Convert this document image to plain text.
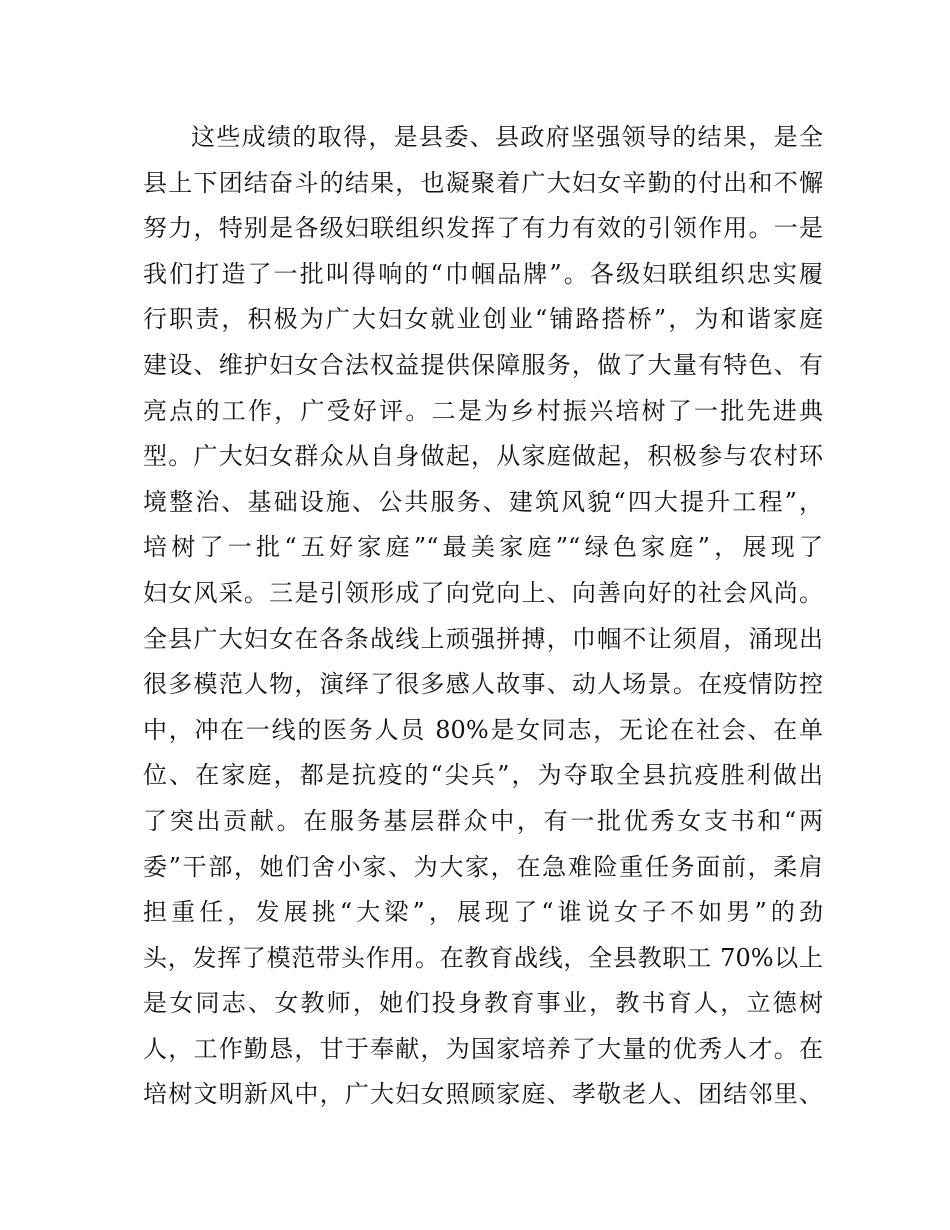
这些成绩的取得，是县委、县政府坚强领导的结果，是全
县上下团结奋斗的结果，也凝聚着广大妇女辛勤的付出和不懈
努力，特别是各级妇联组织发挥了有力有效的引领作用。一是
我们打造了一批叫得响的“巾帼品牌”。各级妇联组织忠实履
行职责，积极为广大妇女就业创业“铺路搭桥”，为和谐家庭
建设、维护妇女合法权益提供保障服务，做了大量有特色、有
亮点的工作，广受好评。二是为乡村振兴培树了一批先进典
型。广大妇女群众从自身做起，从家庭做起，积极参与农村环
境整治、基础设施、公共服务、建筑风貌“四大提升工程”，
培树了一批“五好家庭”“最美家庭”“绿色家庭”，展现了
妇女风采。三是引领形成了向党向上、向善向好的社会风尚。
全县广大妇女在各条战线上顽强拼搏，巾帼不让须眉，涌现出
很多模范人物，演绎了很多感人故事、动人场景。在疫情防控
中，冲在一线的医务人员 80%是女同志，无论在社会、在单
位、在家庭，都是抗疫的“尖兵”，为夺取全县抗疫胜利做出
了突出贡献。在服务基层群众中，有一批优秀女支书和“两
委”干部，她们舍小家、为大家，在急难险重任务面前，柔肩
担重任，发展挑“大梁”，展现了“谁说女子不如男”的劲
头，发挥了模范带头作用。在教育战线，全县教职工 70%以上
是女同志、女教师，她们投身教育事业，教书育人，立德树
人，工作勤恳，甘于奉献，为国家培养了大量的优秀人才。在
培树文明新风中，广大妇女照顾家庭、孝敬老人、团结邻里、
